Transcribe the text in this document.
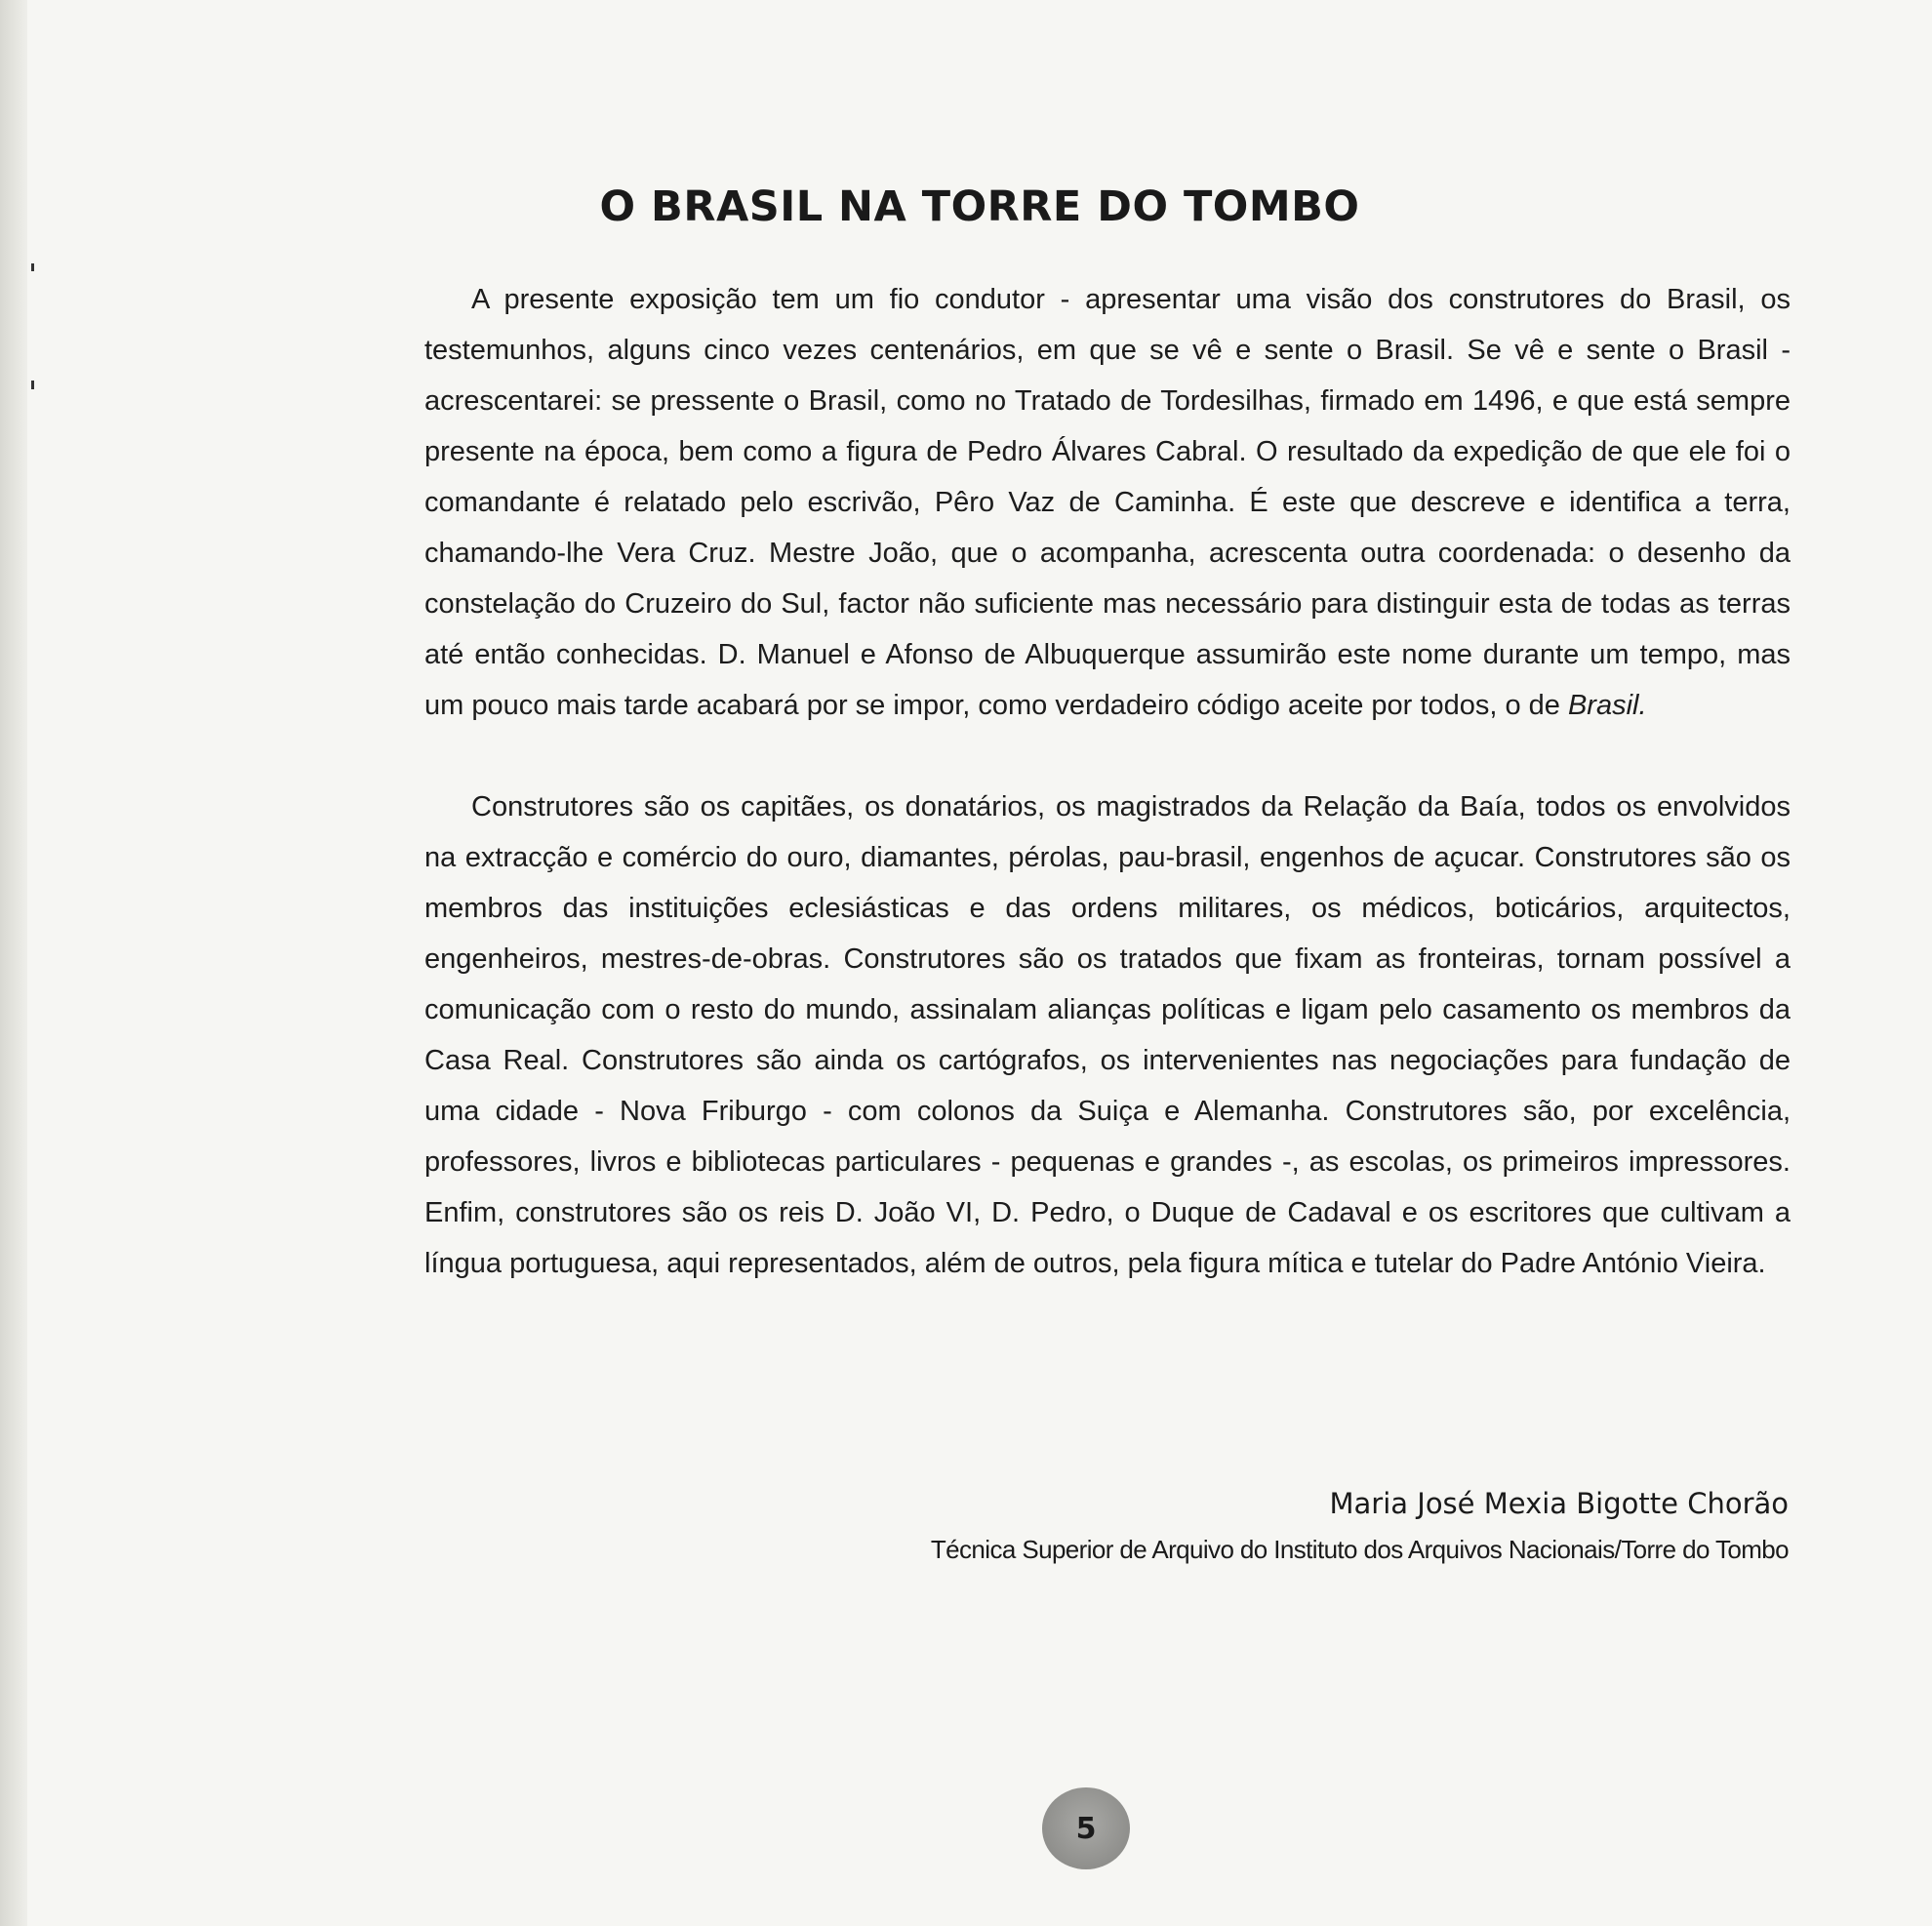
O BRASIL NA TORRE DO TOMBO

A presente exposição tem um fio condutor - apresentar uma visão dos construtores do Brasil, os testemunhos, alguns cinco vezes centenários, em que se vê e sente o Brasil. Se vê e sente o Brasil - acrescentarei: se pressente o Brasil, como no Tratado de Tordesilhas, firmado em 1496, e que está sempre presente na época, bem como a figura de Pedro Álvares Cabral. O resultado da expedição de que ele foi o comandante é relatado pelo escrivão, Pêro Vaz de Caminha. É este que descreve e identifica a terra, chamando-lhe Vera Cruz. Mestre João, que o acompanha, acrescenta outra coordenada: o desenho da constelação do Cruzeiro do Sul, factor não suficiente mas necessário para distinguir esta de todas as terras até então conhecidas. D. Manuel e Afonso de Albuquerque assumirão este nome durante um tempo, mas um pouco mais tarde acabará por se impor, como verdadeiro código aceite por todos, o de Brasil.

Construtores são os capitães, os donatários, os magistrados da Relação da Baía, todos os envolvidos na extracção e comércio do ouro, diamantes, pérolas, pau-brasil, engenhos de açucar. Construtores são os membros das instituições eclesiásticas e das ordens militares, os médicos, boticários, arquitectos, engenheiros, mestres-de-obras. Construtores são os tratados que fixam as fronteiras, tornam possível a comunicação com o resto do mundo, assinalam alianças políticas e ligam pelo casamento os membros da Casa Real. Construtores são ainda os cartógrafos, os intervenientes nas negociações para fundação de uma cidade - Nova Friburgo - com colonos da Suiça e Alemanha. Construtores são, por excelência, professores, livros e bibliotecas particulares - pequenas e grandes -, as escolas, os primeiros impressores. Enfim, construtores são os reis D. João VI, D. Pedro, o Duque de Cadaval e os escritores que cultivam a língua portuguesa, aqui representados, além de outros, pela figura mítica e tutelar do Padre António Vieira.

Maria José Mexia Bigotte Chorão

Técnica Superior de Arquivo do Instituto dos Arquivos Nacionais/Torre do Tombo

5
